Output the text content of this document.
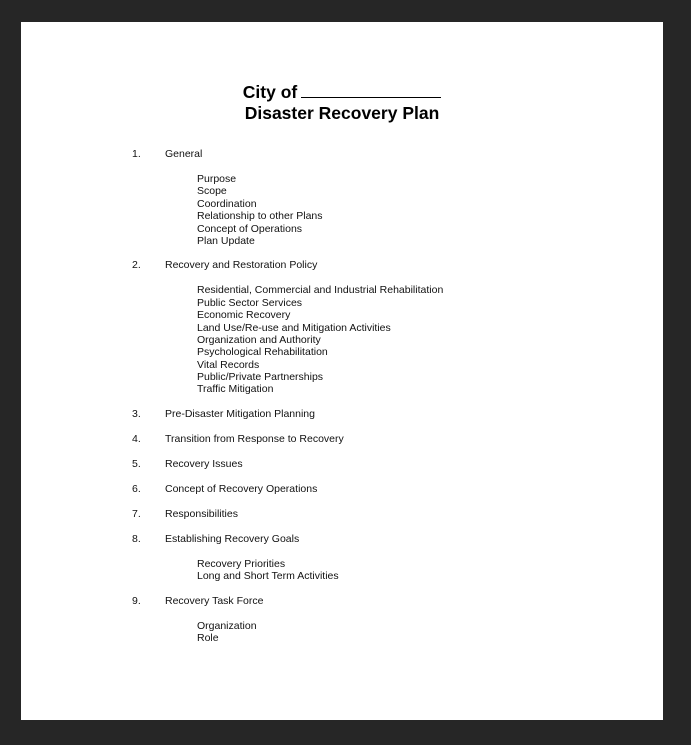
City of
Disaster Recovery Plan
1.	General
Purpose
Scope
Coordination
Relationship to other Plans
Concept of Operations
Plan Update
2.	Recovery and Restoration Policy
Residential, Commercial and Industrial Rehabilitation
Public Sector Services
Economic Recovery
Land Use/Re-use and Mitigation Activities
Organization and Authority
Psychological Rehabilitation
Vital Records
Public/Private Partnerships
Traffic Mitigation
3.	Pre-Disaster Mitigation Planning
4.	Transition from Response to Recovery
5.	Recovery Issues
6.	Concept of Recovery Operations
7.	Responsibilities
8.	Establishing Recovery Goals
Recovery Priorities
Long and Short Term Activities
9.	Recovery Task Force
Organization
Role
